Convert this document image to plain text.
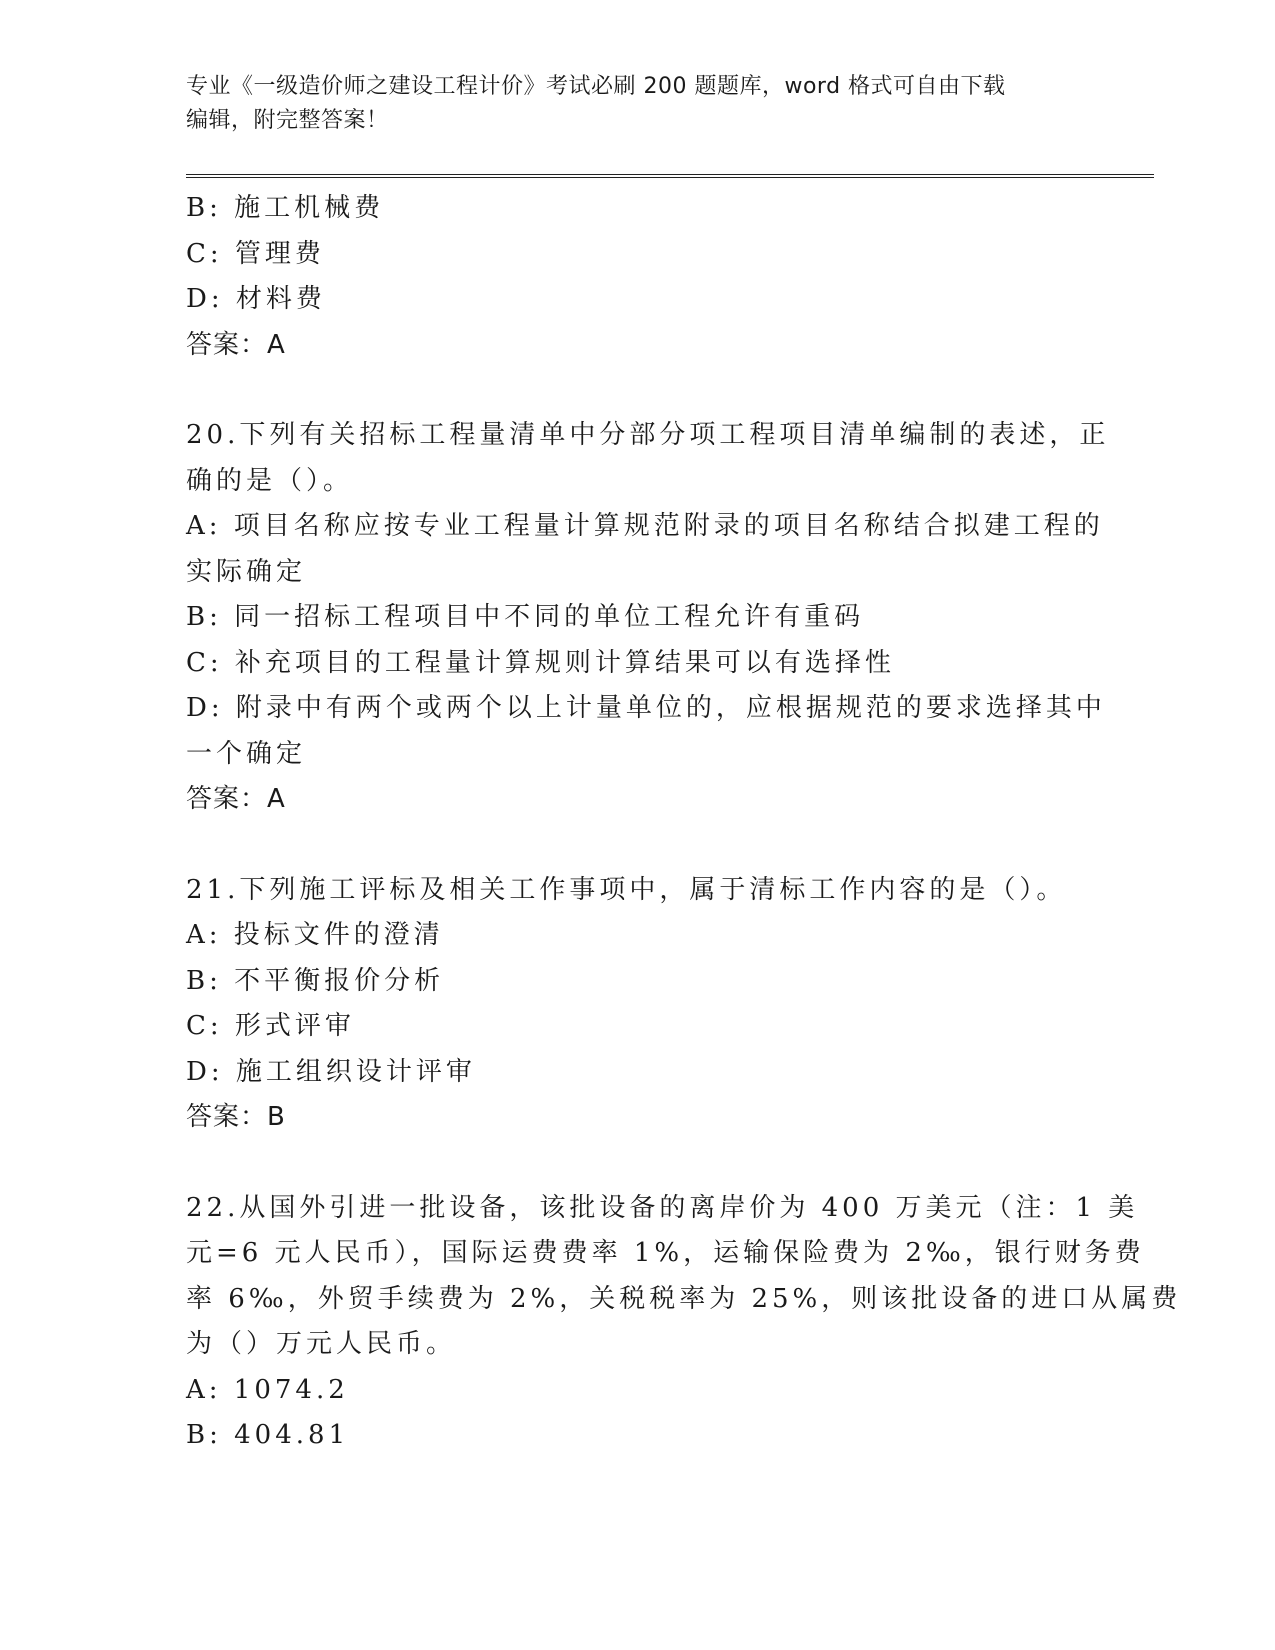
专业《一级造价师之建设工程计价》考试必刷 200 题题库，word 格式可自由下载
编辑，附完整答案！
B: 施工机械费
C: 管理费
D: 材料费
答案：A
20.下列有关招标工程量清单中分部分项工程项目清单编制的表述，正
确的是（）。
A: 项目名称应按专业工程量计算规范附录的项目名称结合拟建工程的
实际确定
B: 同一招标工程项目中不同的单位工程允许有重码
C: 补充项目的工程量计算规则计算结果可以有选择性
D: 附录中有两个或两个以上计量单位的，应根据规范的要求选择其中
一个确定
答案：A
21.下列施工评标及相关工作事项中，属于清标工作内容的是（）。
A: 投标文件的澄清
B: 不平衡报价分析
C: 形式评审
D: 施工组织设计评审
答案：B
22.从国外引进一批设备，该批设备的离岸价为 400 万美元（注：1 美
元=6 元人民币），国际运费费率 1%，运输保险费为 2‰，银行财务费
率 6‰，外贸手续费为 2%，关税税率为 25%，则该批设备的进口从属费
为（）万元人民币。
A: 1074.2
B: 404.81
